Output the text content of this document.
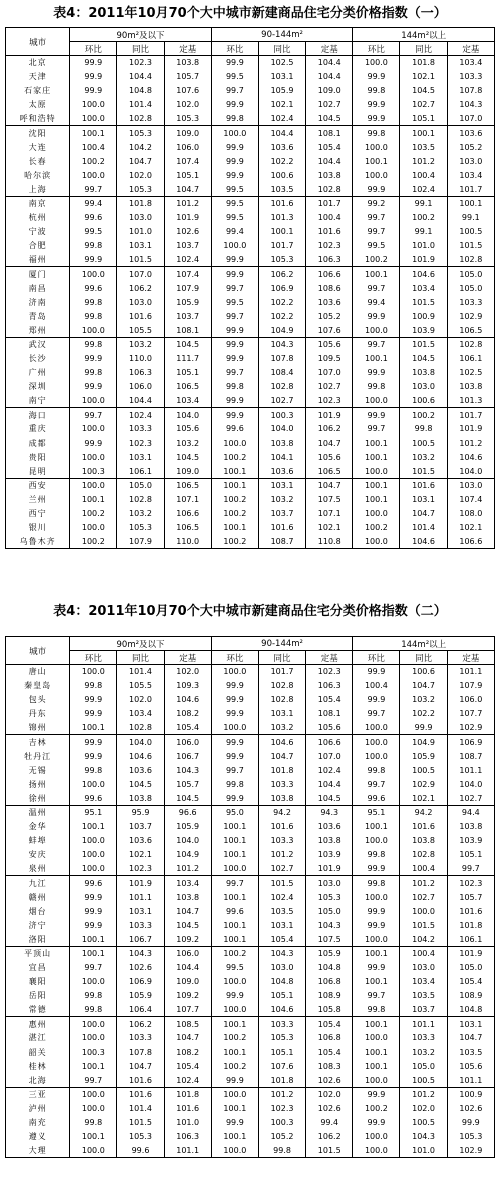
表4：2011年10月70个大中城市新建商品住宅分类价格指数（一）
城市	90m²及以下			90-144m²			144m²以上		
	环比	同比	定基	环比	同比	定基	环比	同比	定基
北京	99.9	102.3	103.8	99.9	102.5	104.4	100.0	101.8	103.4
天津	99.9	104.4	105.7	99.5	103.1	104.4	99.9	102.1	103.3
石家庄	99.9	104.8	107.6	99.7	105.9	109.0	99.8	104.5	107.8
太原	100.0	101.4	102.0	99.9	102.1	102.7	99.9	102.7	104.3
呼和浩特	100.0	102.8	105.3	99.8	102.4	104.5	99.9	105.1	107.0
沈阳	100.1	105.3	109.0	100.0	104.4	108.1	99.8	100.1	103.6
大连	100.4	104.2	106.0	99.9	103.6	105.4	100.0	103.5	105.2
长春	100.2	104.7	107.4	99.9	102.2	104.4	100.1	101.2	103.0
哈尔滨	100.0	102.0	105.1	99.9	100.6	103.8	100.0	100.4	103.4
上海	99.7	105.3	104.7	99.5	103.5	102.8	99.9	102.4	101.7
南京	99.4	101.8	101.2	99.5	101.6	101.7	99.2	99.1	100.1
杭州	99.6	103.0	101.9	99.5	101.3	100.4	99.7	100.2	99.1
宁波	99.5	101.0	102.6	99.4	100.1	101.6	99.7	99.1	100.5
合肥	99.8	103.1	103.7	100.0	101.7	102.3	99.5	101.0	101.5
福州	99.9	101.5	102.4	99.9	105.3	106.3	100.2	101.9	102.8
厦门	100.0	107.0	107.4	99.9	106.2	106.6	100.1	104.6	105.0
南昌	99.6	106.2	107.9	99.7	106.9	108.6	99.7	103.4	105.0
济南	99.8	103.0	105.9	99.5	102.2	103.6	99.4	101.5	103.3
青岛	99.8	101.6	103.7	99.7	102.2	105.2	99.9	100.9	102.9
郑州	100.0	105.5	108.1	99.9	104.9	107.6	100.0	103.9	106.5
武汉	99.8	103.2	104.5	99.9	104.3	105.6	99.7	101.5	102.8
长沙	99.9	110.0	111.7	99.9	107.8	109.5	100.1	104.5	106.1
广州	99.8	106.3	105.1	99.7	108.4	107.0	99.9	103.8	102.5
深圳	99.9	106.0	106.5	99.8	102.8	102.7	99.8	103.0	103.8
南宁	100.0	104.4	103.4	99.9	102.7	102.3	100.0	100.6	101.3
海口	99.7	102.4	104.0	99.9	100.3	101.9	99.9	100.2	101.7
重庆	100.0	103.3	105.6	99.6	104.0	106.2	99.7	99.8	101.9
成都	99.9	102.3	103.2	100.0	103.8	104.7	100.1	100.5	101.2
贵阳	100.0	103.1	104.5	100.2	104.1	105.6	100.1	103.2	104.6
昆明	100.3	106.1	109.0	100.1	103.6	106.5	100.0	101.5	104.0
西安	100.0	105.0	106.5	100.1	103.1	104.7	100.1	101.6	103.0
兰州	100.1	102.8	107.1	100.2	103.2	107.5	100.1	103.1	107.4
西宁	100.2	103.2	106.6	100.2	103.7	107.1	100.0	104.7	108.0
银川	100.0	105.3	106.5	100.1	101.6	102.1	100.2	101.4	102.1
乌鲁木齐	100.2	107.9	110.0	100.2	108.7	110.8	100.0	104.6	106.6
表4：2011年10月70个大中城市新建商品住宅分类价格指数（二）
城市	90m²及以下			90-144m²			144m²以上		
	环比	同比	定基	环比	同比	定基	环比	同比	定基
唐山	100.0	101.4	102.0	100.0	101.7	102.3	99.9	100.6	101.1
秦皇岛	99.8	105.5	109.3	99.9	102.8	106.3	100.4	104.7	107.9
包头	99.9	102.0	104.6	99.9	102.8	105.4	99.9	103.2	106.0
丹东	99.9	103.4	108.2	99.9	103.1	108.1	99.7	102.2	107.7
锦州	100.1	102.8	105.4	100.0	103.2	105.6	100.0	99.9	102.9
吉林	99.9	104.0	106.0	99.9	104.6	106.6	100.0	104.9	106.9
牡丹江	99.9	104.6	106.7	99.9	104.7	107.0	100.0	105.9	108.7
无锡	99.8	103.6	104.3	99.7	101.8	102.4	99.8	100.5	101.1
扬州	100.0	104.5	105.7	99.8	103.3	104.4	99.7	102.9	104.0
徐州	99.6	103.8	104.5	99.9	103.8	104.5	99.6	102.1	102.7
温州	95.1	95.9	96.6	95.0	94.2	94.3	95.1	94.2	94.4
金华	100.1	103.7	105.9	100.1	101.6	103.6	100.1	101.6	103.8
蚌埠	100.0	103.6	104.0	100.1	103.3	103.8	100.0	103.8	103.9
安庆	100.0	102.1	104.9	100.1	101.2	103.9	99.8	102.8	105.1
泉州	100.0	102.3	101.2	100.0	102.7	101.9	99.9	100.4	99.7
九江	99.6	101.9	103.4	99.7	101.5	103.0	99.8	101.2	102.3
赣州	99.9	101.1	103.8	100.1	102.4	105.3	100.0	102.7	105.7
烟台	99.9	103.1	104.7	99.6	103.5	105.0	99.9	100.0	101.6
济宁	99.9	103.3	104.5	100.1	103.1	104.3	99.9	101.5	101.8
洛阳	100.1	106.7	109.2	100.1	105.4	107.5	100.0	104.2	106.1
平顶山	100.1	104.3	106.0	100.2	104.3	105.9	100.1	100.4	101.9
宜昌	99.7	102.6	104.4	99.5	103.0	104.8	99.9	103.0	105.0
襄阳	100.0	106.9	109.0	100.0	104.8	106.8	100.1	103.4	105.4
岳阳	99.8	105.9	109.2	99.9	105.1	108.9	99.7	103.5	108.9
常德	99.8	106.4	107.7	100.0	104.6	105.8	99.8	103.7	104.8
惠州	100.0	106.2	108.5	100.1	103.3	105.4	100.1	101.1	103.1
湛江	100.0	103.3	104.7	100.2	105.3	106.8	100.0	103.3	104.7
韶关	100.3	107.8	108.2	100.1	105.1	105.4	100.1	103.2	103.5
桂林	100.1	104.7	105.4	100.2	107.6	108.3	100.1	105.0	105.6
北海	99.7	101.6	102.4	99.9	101.8	102.6	100.0	100.5	101.1
三亚	100.0	101.6	101.8	100.0	101.2	102.0	99.9	101.2	100.9
泸州	100.0	101.4	101.6	100.1	102.3	102.6	100.2	102.0	102.6
南充	99.8	101.5	101.0	99.9	100.3	99.4	99.9	100.5	99.9
遵义	100.1	105.3	106.3	100.1	105.2	106.2	100.0	104.3	105.3
大理	100.0	99.6	101.1	100.0	99.8	101.5	100.0	101.0	102.9
